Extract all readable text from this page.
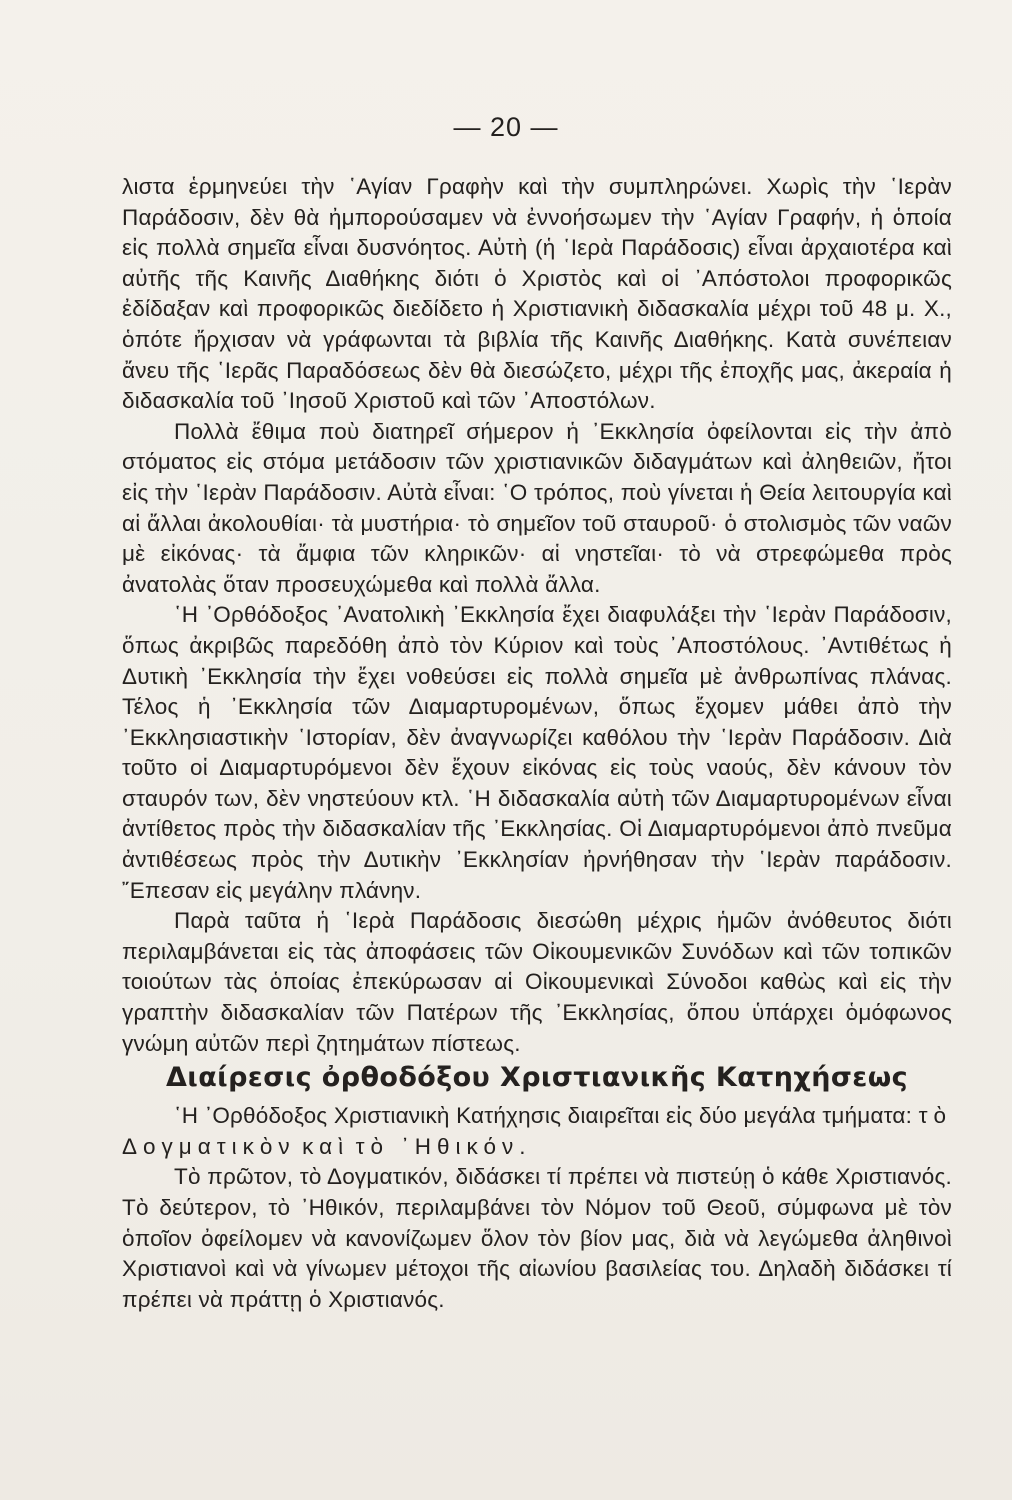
— 20 —

λιστα ἑρμηνεύει τὴν ῾Αγίαν Γραφὴν καὶ τὴν συμπληρώνει. Χωρὶς τὴν ῾Ιερὰν Παράδοσιν, δὲν θὰ ἠμπορούσαμεν νὰ ἐννοήσωμεν τὴν ῾Αγίαν Γραφήν, ἡ ὁποία εἰς πολλὰ σημεῖα εἶναι δυσνόητος. Αὐτὴ (ἡ ῾Ιερὰ Παράδοσις) εἶναι ἀρχαιοτέρα καὶ αὐτῆς τῆς Καινῆς Διαθήκης διότι ὁ Χριστὸς καὶ οἱ ᾿Απόστολοι προφορικῶς ἐδίδαξαν καὶ προφορικῶς διεδίδετο ἡ Χριστιανικὴ διδασκαλία μέχρι τοῦ 48 μ. Χ., ὁπότε ἤρχισαν νὰ γράφωνται τὰ βιβλία τῆς Καινῆς Διαθήκης. Κατὰ συνέπειαν ἄνευ τῆς ῾Ιερᾶς Παραδόσεως δὲν θὰ διεσώζετο, μέχρι τῆς ἐποχῆς μας, ἀκεραία ἡ διδασκαλία τοῦ ᾿Ιησοῦ Χριστοῦ καὶ τῶν ᾿Αποστόλων.

Πολλὰ ἔθιμα ποὺ διατηρεῖ σήμερον ἡ ᾿Εκκλησία ὀφείλονται εἰς τὴν ἀπὸ στόματος εἰς στόμα μετάδοσιν τῶν χριστιανικῶν διδαγμάτων καὶ ἀληθειῶν, ἤτοι εἰς τὴν ῾Ιερὰν Παράδοσιν. Αὐτὰ εἶναι: ῾Ο τρόπος, ποὺ γίνεται ἡ Θεία λειτουργία καὶ αἱ ἄλλαι ἀκολουθίαι· τὰ μυστήρια· τὸ σημεῖον τοῦ σταυροῦ· ὁ στολισμὸς τῶν ναῶν μὲ εἰκόνας· τὰ ἄμφια τῶν κληρικῶν· αἱ νηστεῖαι· τὸ νὰ στρεφώμεθα πρὸς ἀνατολὰς ὅταν προσευχώμεθα καὶ πολλὰ ἄλλα.

῾Η ᾿Ορθόδοξος ᾿Ανατολικὴ ᾿Εκκλησία ἔχει διαφυλάξει τὴν ῾Ιερὰν Παράδοσιν, ὅπως ἀκριβῶς παρεδόθη ἀπὸ τὸν Κύριον καὶ τοὺς ᾿Αποστόλους. ᾿Αντιθέτως ἡ Δυτικὴ ᾿Εκκλησία τὴν ἔχει νοθεύσει εἰς πολλὰ σημεῖα μὲ ἀνθρωπίνας πλάνας. Τέλος ἡ ᾿Εκκλησία τῶν Διαμαρτυρομένων, ὅπως ἔχομεν μάθει ἀπὸ τὴν ᾿Εκκλησιαστικὴν ῾Ιστορίαν, δὲν ἀναγνωρίζει καθόλου τὴν ῾Ιερὰν Παράδοσιν. Διὰ τοῦτο οἱ Διαμαρτυρόμενοι δὲν ἔχουν εἰκόνας εἰς τοὺς ναούς, δὲν κάνουν τὸν σταυρόν των, δὲν νηστεύουν κτλ. ῾Η διδασκαλία αὐτὴ τῶν Διαμαρτυρομένων εἶναι ἀντίθετος πρὸς τὴν διδασκαλίαν τῆς ᾿Εκκλησίας. Οἱ Διαμαρτυρόμενοι ἀπὸ πνεῦμα ἀντιθέσεως πρὸς τὴν Δυτικὴν ᾿Εκκλησίαν ἠρνήθησαν τὴν ῾Ιερὰν παράδοσιν. ῎Επεσαν εἰς μεγάλην πλάνην.

Παρὰ ταῦτα ἡ ῾Ιερὰ Παράδοσις διεσώθη μέχρις ἡμῶν ἀνόθευτος διότι περιλαμβάνεται εἰς τὰς ἀποφάσεις τῶν Οἰκουμενικῶν Συνόδων καὶ τῶν τοπικῶν τοιούτων τὰς ὁποίας ἐπεκύρωσαν αἱ Οἰκουμενικαὶ Σύνοδοι καθὼς καὶ εἰς τὴν γραπτὴν διδασκαλίαν τῶν Πατέρων τῆς ᾿Εκκλησίας, ὅπου ὑπάρχει ὁμόφωνος γνώμη αὐτῶν περὶ ζητημάτων πίστεως.

Διαίρεσις ὀρθοδόξου Χριστιανικῆς Κατηχήσεως

῾Η ᾿Ορθόδοξος Χριστιανικὴ Κατήχησις διαιρεῖται εἰς δύο μεγάλα τμήματα: τὸ Δογματικὸν καὶ τὸ ᾿Ηθικόν.

Τὸ πρῶτον, τὸ Δογματικόν, διδάσκει τί πρέπει νὰ πιστεύῃ ὁ κάθε Χριστιανός. Τὸ δεύτερον, τὸ ᾿Ηθικόν, περιλαμβάνει τὸν Νόμον τοῦ Θεοῦ, σύμφωνα μὲ τὸν ὁποῖον ὀφείλομεν νὰ κανονίζωμεν ὅλον τὸν βίον μας, διὰ νὰ λεγώμεθα ἀληθινοὶ Χριστιανοὶ καὶ νὰ γίνωμεν μέτοχοι τῆς αἰωνίου βασιλείας του. Δηλαδὴ διδάσκει τί πρέπει νὰ πράττῃ ὁ Χριστιανός.
